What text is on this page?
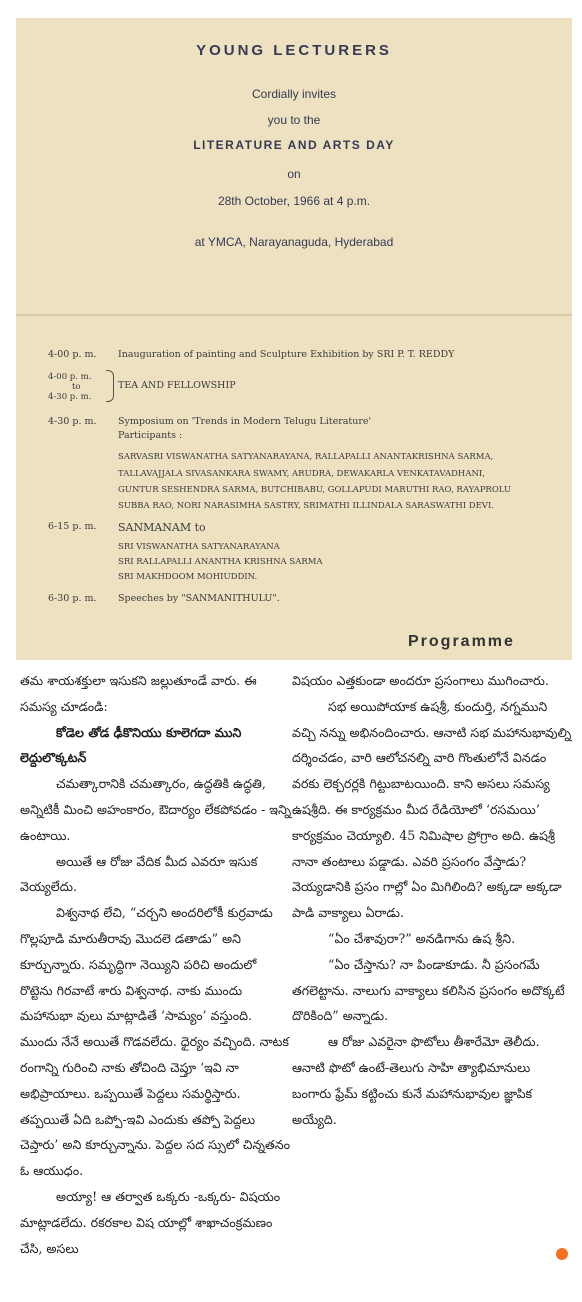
YOUNG LECTURERS
Cordially invites
you to the
LITERATURE AND ARTS DAY
on
28th October, 1966 at 4 p.m.
at YMCA, Narayanaguda, Hyderabad
4-00 p. m. Inauguration of painting and Sculpture Exhibition by SRI P. T. REDDY
4-00 p. m.
to
4-30 p. m.
TEA AND FELLOWSHIP
4-30 p. m. Symposium on 'Trends in Modern Telugu Literature'
Participants :
SARVASRI VISWANATHA SATYANARAYANA, RALLAPALLI ANANTAKRISHNA SARMA,
TALLAVAJJALA SIVASANKARA SWAMY, ARUDRA, DEWAKARLA VENKATAVADHANI,
GUNTUR SESHENDRA SARMA, BUTCHIBABU, GOLLAPUDI MARUTHI RAO, RAYAPROLU
SUBBA RAO, NORI NARASIMHA SASTRY, SRIMATHI ILLINDALA SARASWATHI DEVI.
6-15 p. m. SANMANAM to
SRI VISWANATHA SATYANARAYANA
SRI RALLAPALLI ANANTHA KRISHNA SARMA
SRI MAKHDOOM MOHIUDDIN.
6-30 p. m. Speeches by "SANMANITHULU".
Programme

తమ శాయశక్తులా ఇసుకని జల్లుతూండే వారు. ఈ సమస్య చూడండి:

కోడెల తోడ ఢీకొనియు కూలెగదా ముని లెద్దులొక్కటన్

చమత్కారానికి చమత్కారం, ఉద్ధతికి ఉద్ధతి, అన్నిటికీ మించి అహంకారం, ఔదార్యం లేకపోవడం - ఇన్ని ఉంటాయి.

అయితే ఆ రోజు వేదిక మీద ఎవరూ ఇసుక వెయ్యలేదు.

విశ్వనాథ లేచి, “చర్చని అందరిలోకీ కుర్రవాడు గొల్లపూడి మారుతీరావు మొదలె డతాడు” అని కూర్చున్నారు. సమృద్ధిగా నెయ్యిని పరిచి అందులో రొట్టెను గిరవాటే శారు విశ్వనాథ. నాకు ముందు మహానుభా వులు మాట్లాడితే ‘సామ్యం’ వస్తుంది. ముందు నేనే అయితే గొడవలేదు. ధైర్యం వచ్చింది. నాటక రంగాన్ని గురించి నాకు తోచింది చెప్తూ ‘ఇవి నా అభిప్రాయాలు. ఒప్పయితే పెద్దలు సమర్థిస్తారు. తప్పయితే ఏది ఒప్పో-ఇవి ఎందుకు తప్పో పెద్దలు చెప్తారు’ అని కూర్చున్నాను. పెద్దల సద స్సులో చిన్నతనం ఓ ఆయుధం.

అయ్యా! ఆ తర్వాత ఒక్కరు -ఒక్కరు- విషయం మాట్లాడలేదు. రకరకాల విష యాల్లో శాఖాచంక్రమణం చేసి, అసలు

విషయం ఎత్తకుండా అందరూ ప్రసంగాలు ముగించారు.

సభ అయిపోయాక ఉషశ్రీ, కుందుర్తి, నగ్నముని వచ్చి నన్ను అభినందించారు. ఆనాటి సభ మహానుభావుల్ని దర్శించడం, వారి ఆలోచనల్ని వారి గొంతులోనే వినడం వరకు లెక్చరర్లకి గిట్టుబాటయింది. కాని అసలు సమస్య ఉషశ్రీది. ఈ కార్యక్రమం మీద రేడియోలో ‘రసమయి’ కార్యక్రమం చెయ్యాలి. 45 నిమిషాల ప్రోగ్రాం అది. ఉషశ్రీ నానా తంటాలు పడ్డాడు. ఎవరి ప్రసంగం వేస్తాడు? వెయ్యడానికి ప్రసం గాల్లో ఏం మిగిలింది? అక్కడా అక్కడా పాడి వాక్యాలు ఏరాడు.

“ఏం చేశావురా?” అనడిగాను ఉష శ్రీని.

“ఏం చేస్తాను? నా పిండాకూడు. నీ ప్రసంగమే తగలెట్టాను. నాలుగు వాక్యాలు కలిసిన ప్రసంగం అదొక్కటే దొరికింది” అన్నాడు.

ఆ రోజు ఎవరైనా ఫొటోలు తీశారేమో తెలీదు. ఆనాటి ఫొటో ఉంటే-తెలుగు సాహి త్యాభిమానులు బంగారు ఫ్రేమ్ కట్టించు కునే మహానుభావుల జ్ఞాపిక అయ్యేది.
